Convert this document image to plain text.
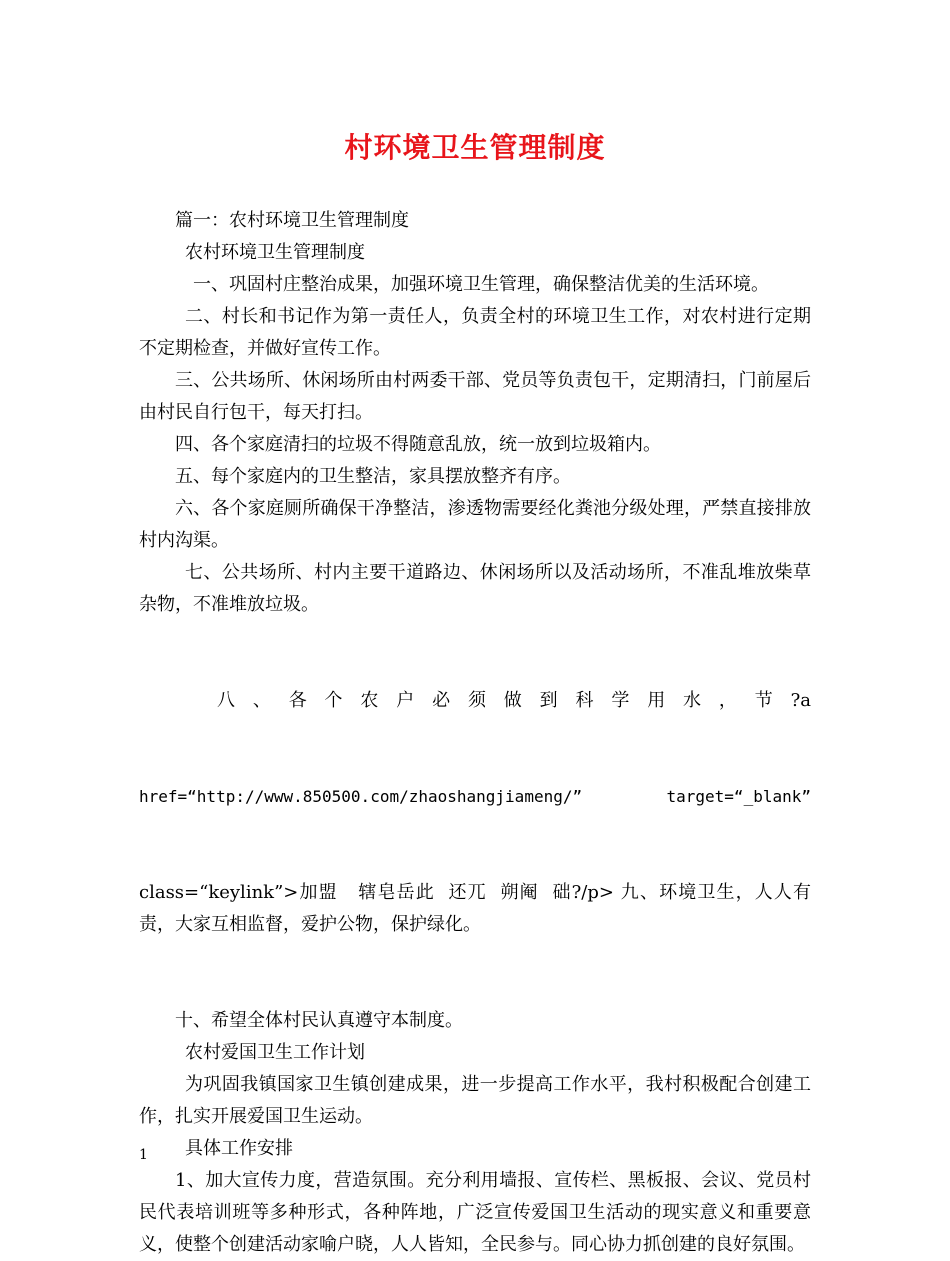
村环境卫生管理制度

篇一：农村环境卫生管理制度

农村环境卫生管理制度

一、巩固村庄整治成果，加强环境卫生管理，确保整洁优美的生活环境。

二、村长和书记作为第一责任人，负责全村的环境卫生工作，对农村进行定期不定期检查，并做好宣传工作。

三、公共场所、休闲场所由村两委干部、党员等负责包干，定期清扫，门前屋后由村民自行包干，每天打扫。

四、各个家庭清扫的垃圾不得随意乱放，统一放到垃圾箱内。

五、每个家庭内的卫生整洁，家具摆放整齐有序。

六、各个家庭厕所确保干净整洁，渗透物需要经化粪池分级处理，严禁直接排放村内沟渠。

七、公共场所、村内主要干道路边、休闲场所以及活动场所，不准乱堆放柴草杂物，不准堆放垃圾。

八 、 各 个 农 户 必 须 做 到 科 学 用 水 ， 节 ?a

href=“http://www.850500.com/zhaoshangjiameng/”    target=“_blank”

class=“keylink”>加盟   辖皂岳此  还兀  朔阉  础?/p> 九、环境卫生，人人有责，大家互相监督，爱护公物，保护绿化。

十、希望全体村民认真遵守本制度。

农村爱国卫生工作计划

为巩固我镇国家卫生镇创建成果，进一步提高工作水平，我村积极配合创建工作，扎实开展爱国卫生运动。

具体工作安排

1、加大宣传力度，营造氛围。充分利用墙报、宣传栏、黑板报、会议、党员村民代表培训班等多种形式，各种阵地，广泛宣传爱国卫生活动的现实意义和重要意义，使整个创建活动家喻户晓，人人皆知，全民参与。同心协力抓创建的良好氛围。

1
